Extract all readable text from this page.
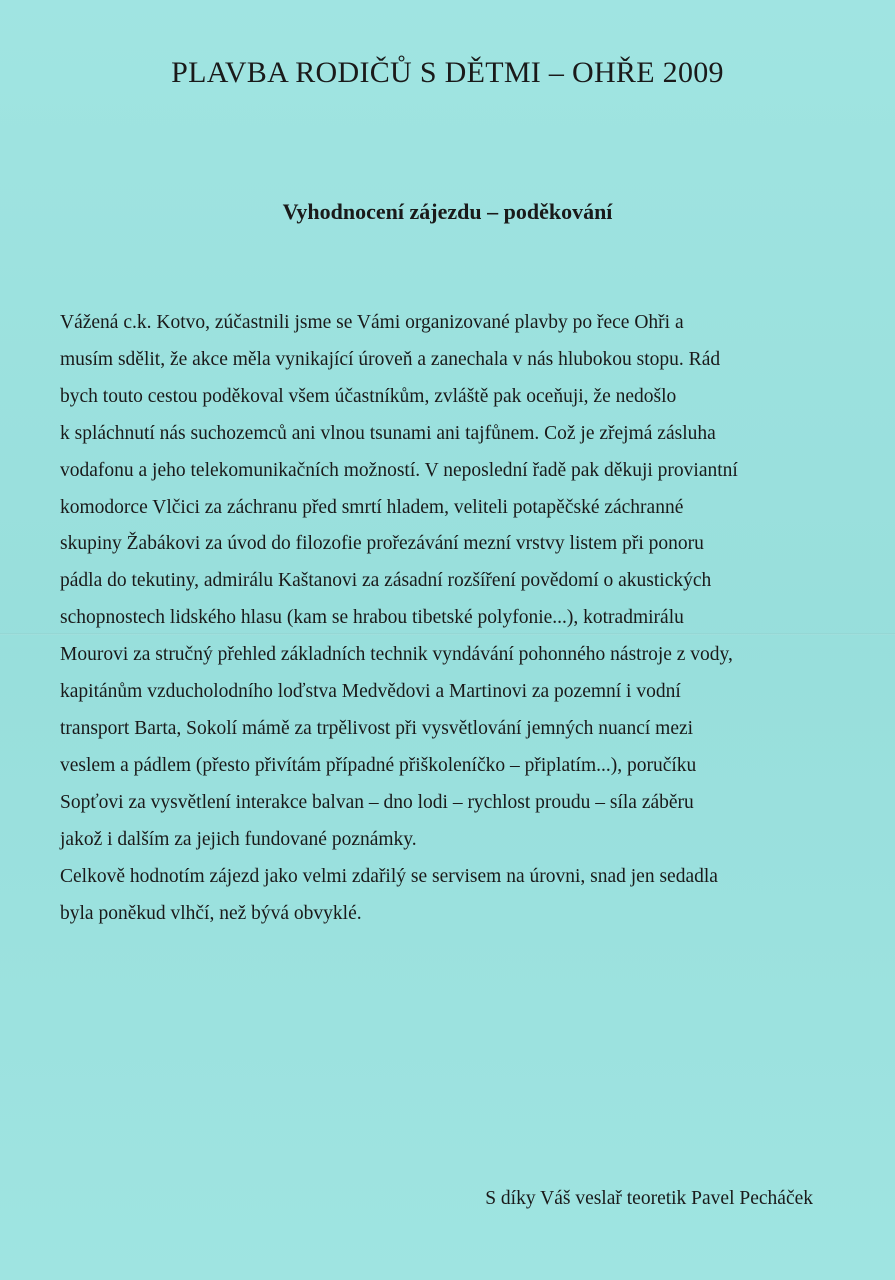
PLAVBA RODIČŮ S DĚTMI – OHŘE 2009
Vyhodnocení zájezdu – poděkování
Vážená c.k. Kotvo, zúčastnili jsme se Vámi organizované plavby po řece Ohři a
musím sdělit, že akce měla vynikající úroveň a zanechala v nás hlubokou stopu. Rád
bych touto cestou poděkoval všem účastníkům, zvláště pak oceňuji, že nedošlo
k spláchnutí nás suchozemců ani vlnou tsunami ani tajfůnem. Což je zřejmá zásluha
vodafonu a jeho telekomunikačních možností. V neposlední řadě pak děkuji proviantní
komodorce Vlčici za záchranu před smrtí hladem, veliteli potapěčské záchranné
skupiny Žabákovi za úvod do filozofie prořezávání mezní vrstvy listem při ponoru
pádla do tekutiny, admirálu Kaštanovi za zásadní rozšíření povědomí o akustických
schopnostech lidského hlasu (kam se hrabou tibetské polyfonie...), kotradmirálu
Mourovi za stručný přehled základních technik vyndávání pohonného nástroje z vody,
kapitánům vzducholodního loďstva Medvědovi a Martinovi za pozemní i vodní
transport Barta, Sokolí mámě za trpělivost při vysvětlování jemných nuancí mezi
veslem a pádlem (přesto přivítám případné přiškoleníčko – připlatím...), poručíku
Sopťovi za vysvětlení interakce balvan – dno lodi – rychlost proudu – síla záběru
jakož i dalším za jejich fundované poznámky.
Celkově hodnotím zájezd jako velmi zdařilý se servisem na úrovni, snad jen sedadla
byla poněkud vlhčí, než bývá obvyklé.
S díky Váš veslař teoretik Pavel Pecháček
